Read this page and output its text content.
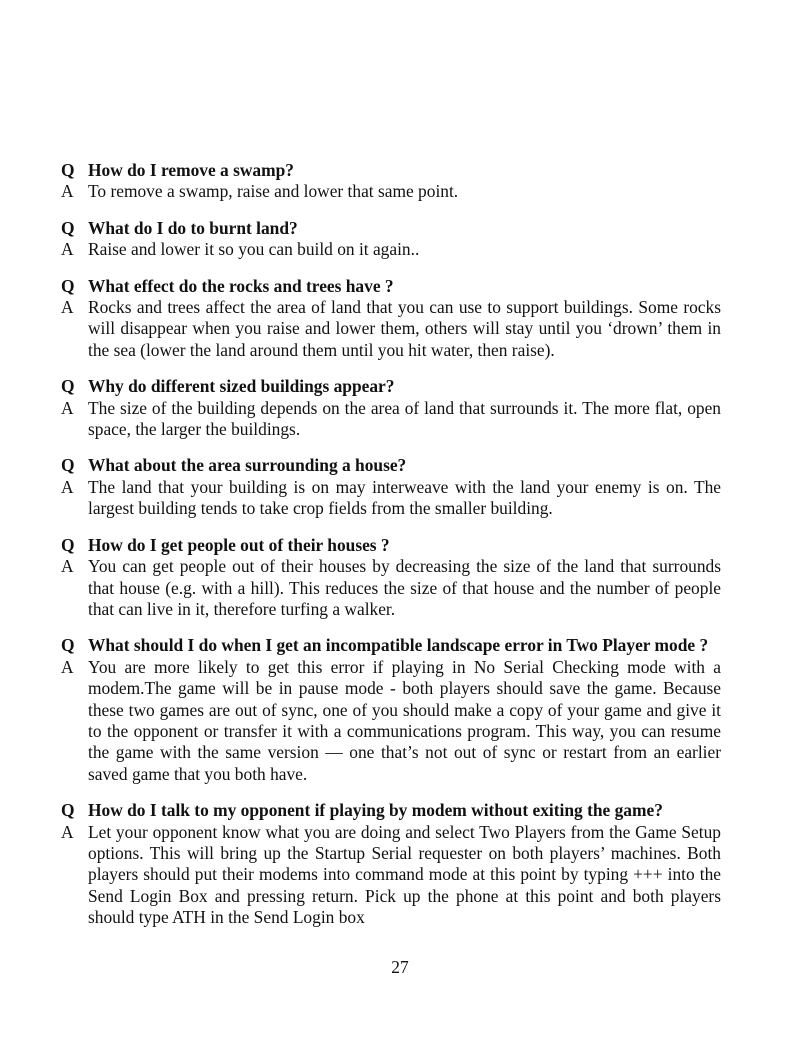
Q How do I remove a swamp?
A To remove a swamp, raise and lower that same point.
Q What do I do to burnt land?
A Raise and lower it so you can build on it again..
Q What effect do the rocks and trees have ?
A Rocks and trees affect the area of land that you can use to support buildings. Some rocks will disappear when you raise and lower them, others will stay until you ‘drown’ them in the sea (lower the land around them until you hit water, then raise).
Q Why do different sized buildings appear?
A The size of the building depends on the area of land that surrounds it. The more flat, open space, the larger the buildings.
Q What about the area surrounding a house?
A The land that your building is on may interweave with the land your enemy is on. The largest building tends to take crop fields from the smaller building.
Q How do I get people out of their houses ?
A You can get people out of their houses by decreasing the size of the land that surrounds that house (e.g. with a hill). This reduces the size of that house and the number of people that can live in it, therefore turfing a walker.
Q What should I do when I get an incompatible landscape error in Two Player mode ?
A You are more likely to get this error if playing in No Serial Checking mode with a modem.The game will be in pause mode - both players should save the game. Because these two games are out of sync, one of you should make a copy of your game and give it to the opponent or transfer it with a communications program. This way, you can resume the game with the same version — one that’s not out of sync or restart from an earlier saved game that you both have.
Q How do I talk to my opponent if playing by modem without exiting the game?
A Let your opponent know what you are doing and select Two Players from the Game Setup options. This will bring up the Startup Serial requester on both players’ machines. Both players should put their modems into command mode at this point by typing +++ into the Send Login Box and pressing return. Pick up the phone at this point and both players should type ATH in the Send Login box
27
